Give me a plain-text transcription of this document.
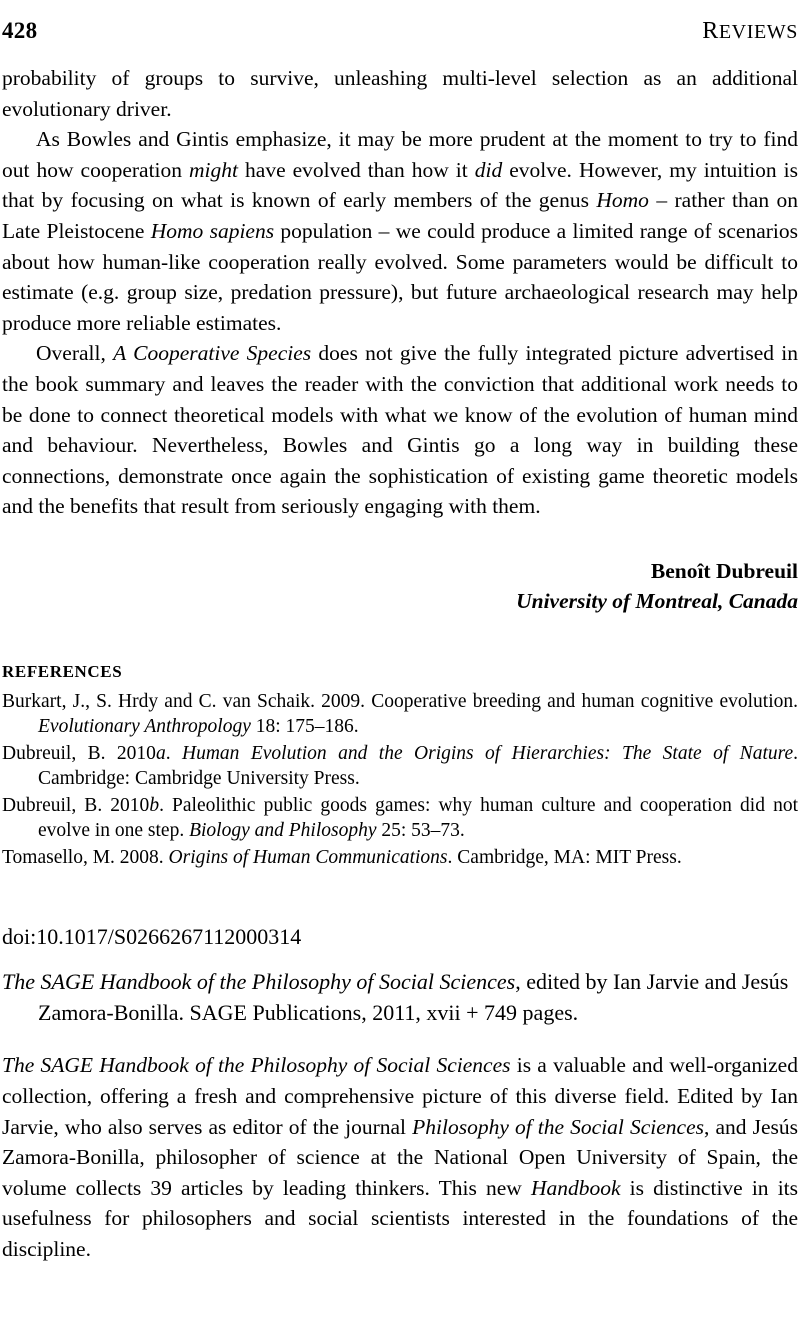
428	REVIEWS

probability of groups to survive, unleashing multi-level selection as an additional evolutionary driver.

As Bowles and Gintis emphasize, it may be more prudent at the moment to try to find out how cooperation might have evolved than how it did evolve. However, my intuition is that by focusing on what is known of early members of the genus Homo – rather than on Late Pleistocene Homo sapiens population – we could produce a limited range of scenarios about how human-like cooperation really evolved. Some parameters would be difficult to estimate (e.g. group size, predation pressure), but future archaeological research may help produce more reliable estimates.

Overall, A Cooperative Species does not give the fully integrated picture advertised in the book summary and leaves the reader with the conviction that additional work needs to be done to connect theoretical models with what we know of the evolution of human mind and behaviour. Nevertheless, Bowles and Gintis go a long way in building these connections, demonstrate once again the sophistication of existing game theoretic models and the benefits that result from seriously engaging with them.

Benoît Dubreuil
University of Montreal, Canada
REFERENCES
Burkart, J., S. Hrdy and C. van Schaik. 2009. Cooperative breeding and human cognitive evolution. Evolutionary Anthropology 18: 175–186.
Dubreuil, B. 2010a. Human Evolution and the Origins of Hierarchies: The State of Nature. Cambridge: Cambridge University Press.
Dubreuil, B. 2010b. Paleolithic public goods games: why human culture and cooperation did not evolve in one step. Biology and Philosophy 25: 53–73.
Tomasello, M. 2008. Origins of Human Communications. Cambridge, MA: MIT Press.
doi:10.1017/S0266267112000314
The SAGE Handbook of the Philosophy of Social Sciences, edited by Ian Jarvie and Jesús Zamora-Bonilla. SAGE Publications, 2011, xvii + 749 pages.

The SAGE Handbook of the Philosophy of Social Sciences is a valuable and well-organized collection, offering a fresh and comprehensive picture of this diverse field. Edited by Ian Jarvie, who also serves as editor of the journal Philosophy of the Social Sciences, and Jesús Zamora-Bonilla, philosopher of science at the National Open University of Spain, the volume collects 39 articles by leading thinkers. This new Handbook is distinctive in its usefulness for philosophers and social scientists interested in the foundations of the discipline.
